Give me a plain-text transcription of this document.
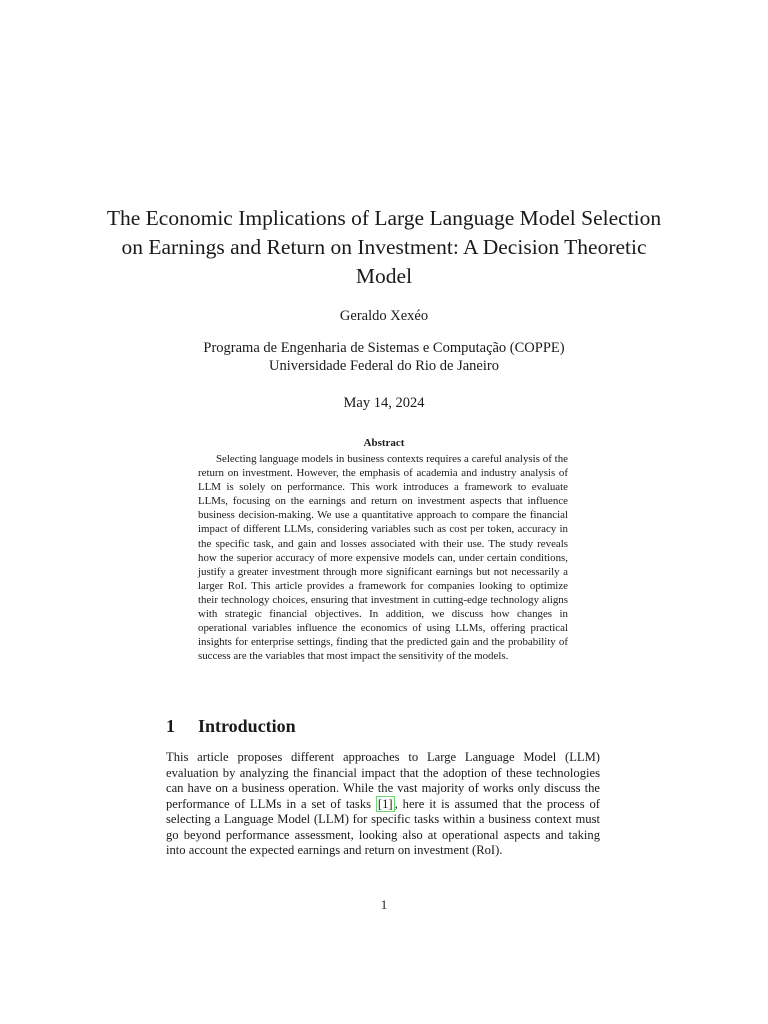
The Economic Implications of Large Language Model Selection on Earnings and Return on Investment: A Decision Theoretic Model
Geraldo Xexéo
Programa de Engenharia de Sistemas e Computação (COPPE)
Universidade Federal do Rio de Janeiro
May 14, 2024
Abstract

Selecting language models in business contexts requires a careful analysis of the return on investment. However, the emphasis of academia and industry analysis of LLM is solely on performance. This work introduces a framework to evaluate LLMs, focusing on the earnings and return on investment aspects that influence business decision-making. We use a quantitative approach to compare the financial impact of different LLMs, considering variables such as cost per token, accuracy in the specific task, and gain and losses associated with their use. The study reveals how the superior accuracy of more expensive models can, under certain conditions, justify a greater investment through more significant earnings but not necessarily a larger RoI. This article provides a framework for companies looking to optimize their technology choices, ensuring that investment in cutting-edge technology aligns with strategic financial objectives. In addition, we discuss how changes in operational variables influence the economics of using LLMs, offering practical insights for enterprise settings, finding that the predicted gain and the probability of success are the variables that most impact the sensitivity of the models.

1 Introduction

This article proposes different approaches to Large Language Model (LLM) evaluation by analyzing the financial impact that the adoption of these technologies can have on a business operation. While the vast majority of works only discuss the performance of LLMs in a set of tasks [1] , here it is assumed that the process of selecting a Language Model (LLM) for specific tasks within a business context must go beyond performance assessment, looking also at operational aspects and taking into account the expected earnings and return on investment (RoI).

1
